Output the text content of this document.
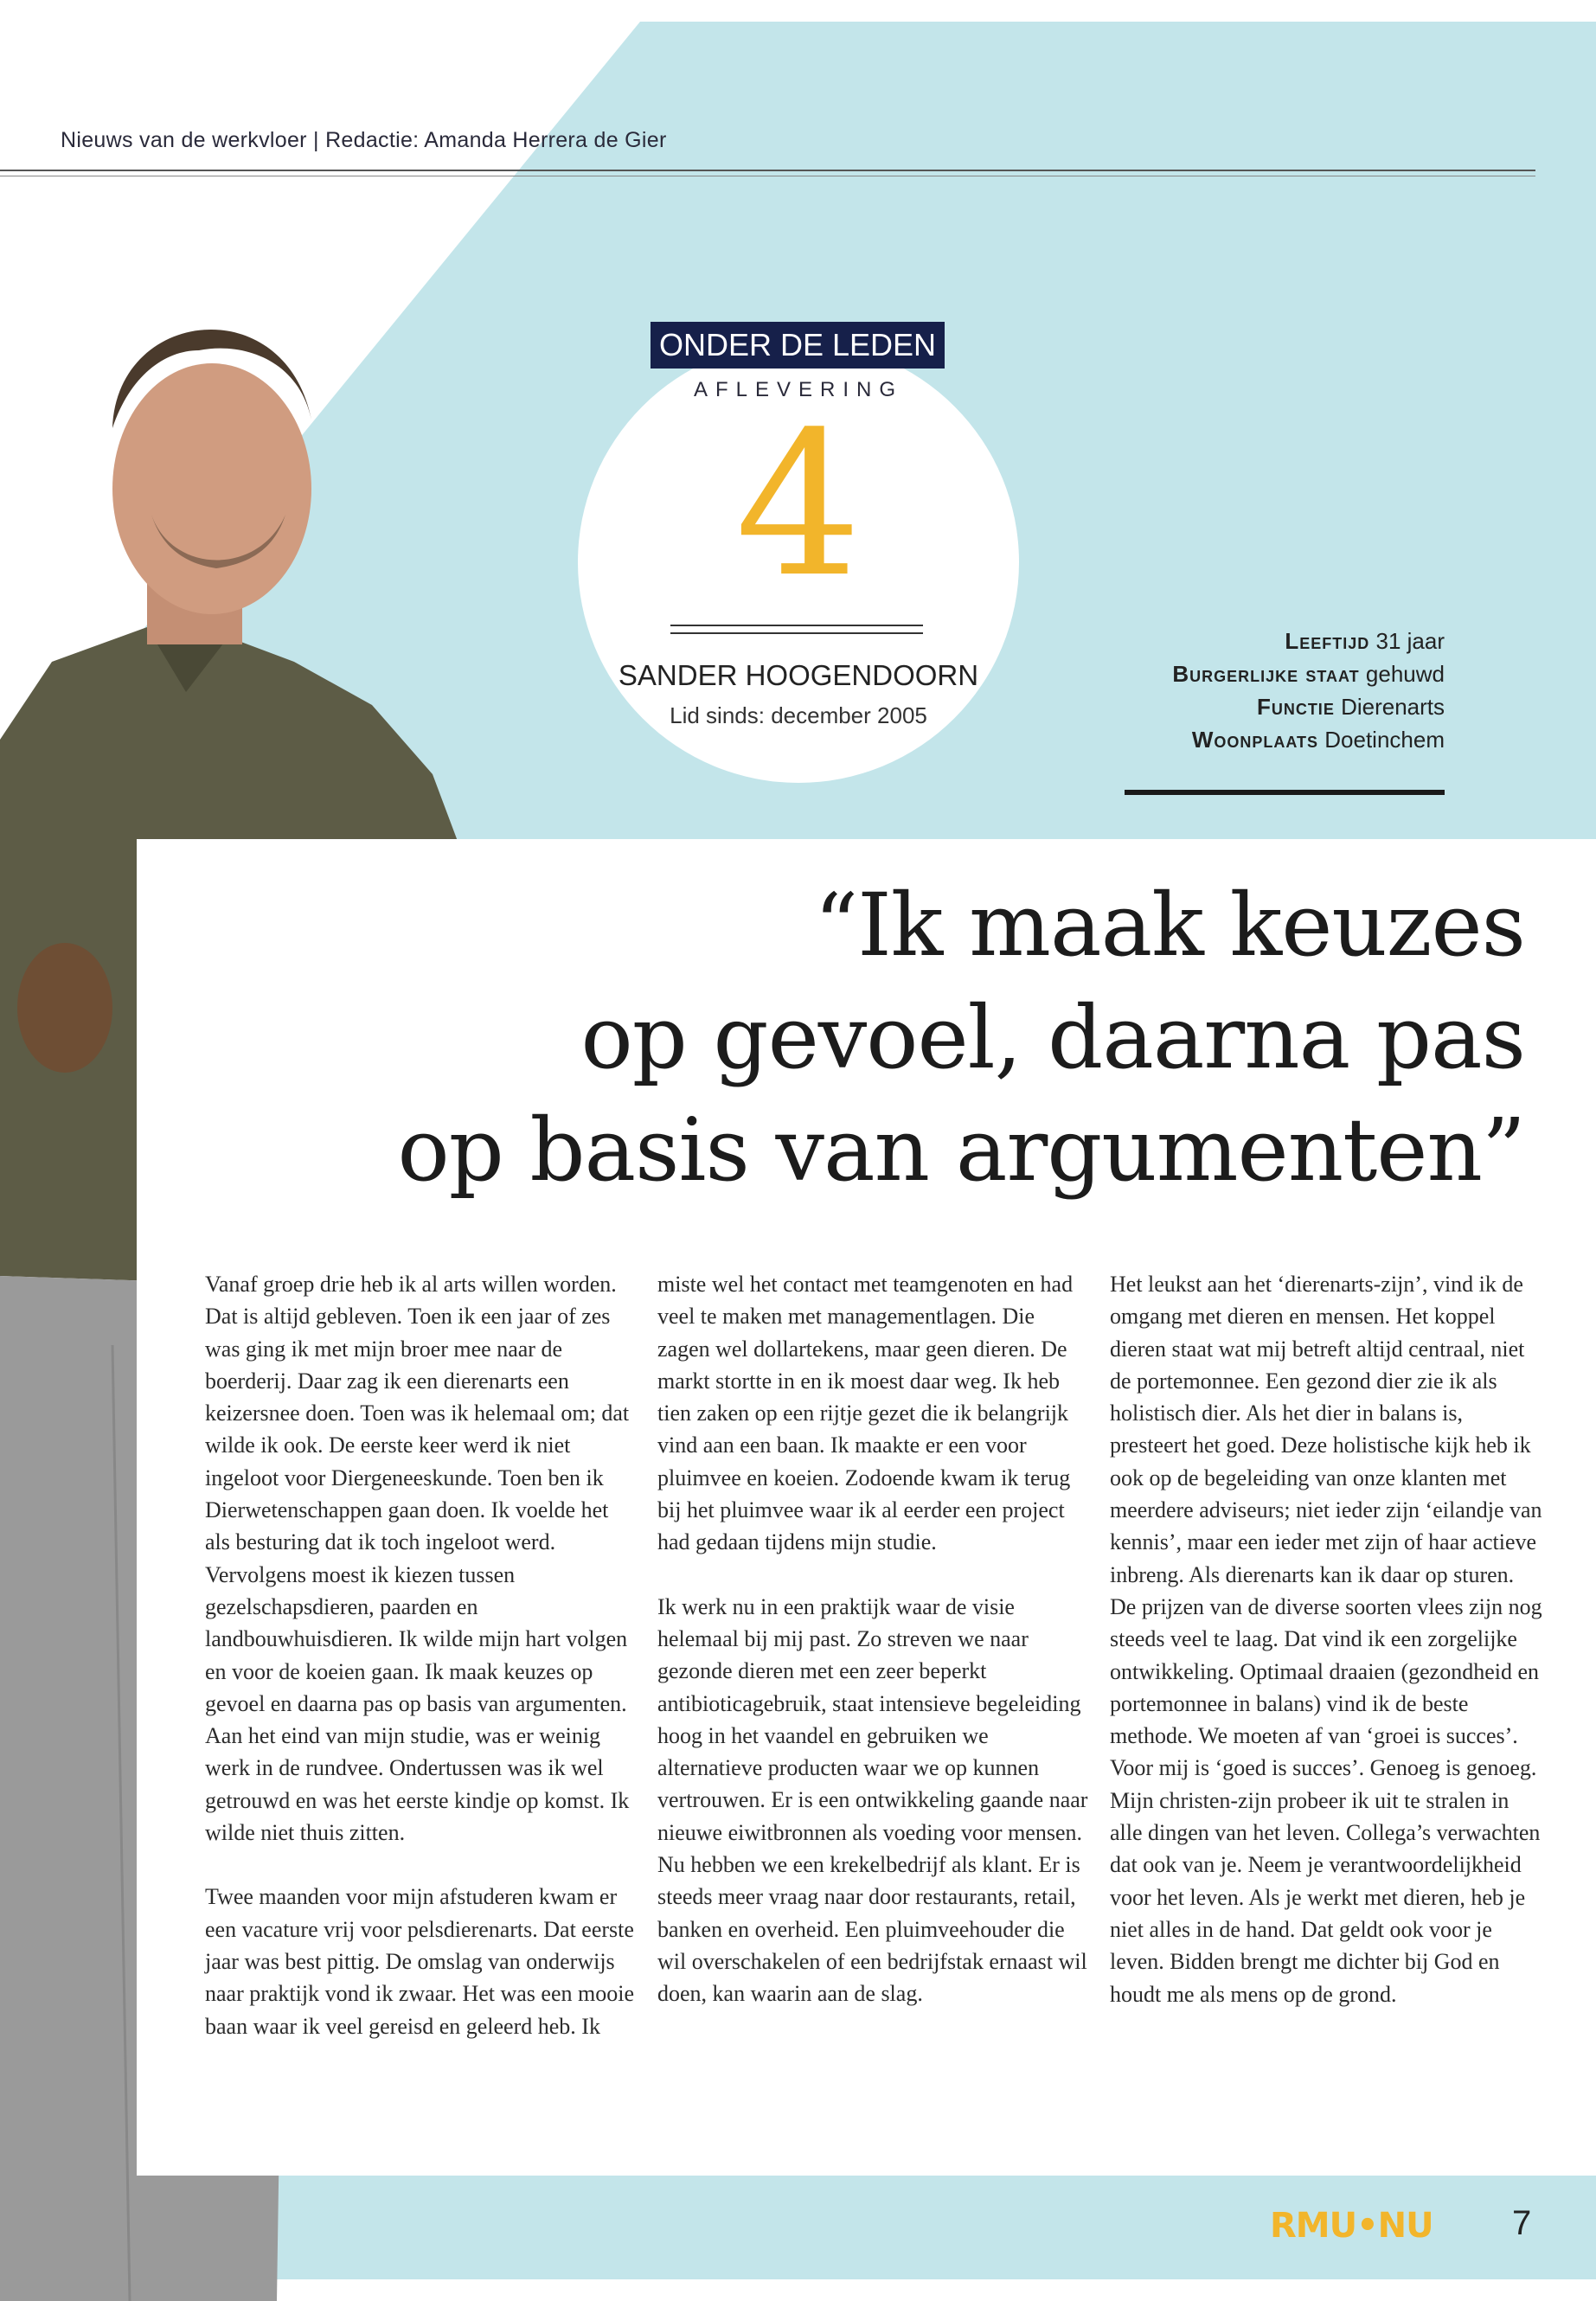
Nieuws van de werkvloer | Redactie: Amanda Herrera de Gier
ONDER DE LEDEN
AFLEVERING
4
SANDER HOOGENDOORN
Lid sinds: december 2005
Leeftijd 31 jaar
Burgerlijke staat gehuwd
Functie Dierenarts
Woonplaats Doetinchem
“Ik maak keuzes
op gevoel, daarna pas
op basis van argumenten”

Vanaf groep drie heb ik al arts willen worden. Dat is altijd gebleven. Toen ik een jaar of zes was ging ik met mijn broer mee naar de boerderij. Daar zag ik een dierenarts een keizersnee doen. Toen was ik helemaal om; dat wilde ik ook. De eerste keer werd ik niet ingeloot voor Diergeneeskunde. Toen ben ik Dierwetenschappen gaan doen. Ik voelde het als besturing dat ik toch ingeloot werd. Vervolgens moest ik kiezen tussen gezelschapsdieren, paarden en landbouwhuisdieren. Ik wilde mijn hart volgen en voor de koeien gaan. Ik maak keuzes op gevoel en daarna pas op basis van argumenten. Aan het eind van mijn studie, was er weinig werk in de rundvee. Ondertussen was ik wel getrouwd en was het eerste kindje op komst. Ik wilde niet thuis zitten.

Twee maanden voor mijn afstuderen kwam er een vacature vrij voor pelsdierenarts. Dat eerste jaar was best pittig. De omslag van onderwijs naar praktijk vond ik zwaar. Het was een mooie baan waar ik veel gereisd en geleerd heb. Ik

miste wel het contact met teamgenoten en had veel te maken met managementlagen. Die zagen wel dollartekens, maar geen dieren. De markt stortte in en ik moest daar weg. Ik heb tien zaken op een rijtje gezet die ik belangrijk vind aan een baan. Ik maakte er een voor pluimvee en koeien. Zodoende kwam ik terug bij het pluimvee waar ik al eerder een project had gedaan tijdens mijn studie.

Ik werk nu in een praktijk waar de visie helemaal bij mij past. Zo streven we naar gezonde dieren met een zeer beperkt antibioticagebruik, staat intensieve begeleiding hoog in het vaandel en gebruiken we alternatieve producten waar we op kunnen vertrouwen. Er is een ontwikkeling gaande naar nieuwe eiwitbronnen als voeding voor mensen. Nu hebben we een krekelbedrijf als klant. Er is steeds meer vraag naar door restaurants, retail, banken en overheid. Een pluimveehouder die wil overschakelen of een bedrijfstak ernaast wil doen, kan waarin aan de slag.

Het leukst aan het ‘dierenarts-zijn’, vind ik de omgang met dieren en mensen. Het koppel dieren staat wat mij betreft altijd centraal, niet de portemonnee. Een gezond dier zie ik als holistisch dier. Als het dier in balans is, presteert het goed. Deze holistische kijk heb ik ook op de begeleiding van onze klanten met meerdere adviseurs; niet ieder zijn ‘eilandje van kennis’, maar een ieder met zijn of haar actieve inbreng. Als dierenarts kan ik daar op sturen. De prijzen van de diverse soorten vlees zijn nog steeds veel te laag. Dat vind ik een zorgelijke ontwikkeling. Optimaal draaien (gezondheid en portemonnee in balans) vind ik de beste methode. We moeten af van ‘groei is succes’. Voor mij is ‘goed is succes’. Genoeg is genoeg. Mijn christen-zijn probeer ik uit te stralen in alle dingen van het leven. Collega’s verwachten dat ook van je. Neem je verantwoordelijkheid voor het leven. Als je werkt met dieren, heb je niet alles in de hand. Dat geldt ook voor je leven. Bidden brengt me dichter bij God en houdt me als mens op de grond.

RMU•NU 7
